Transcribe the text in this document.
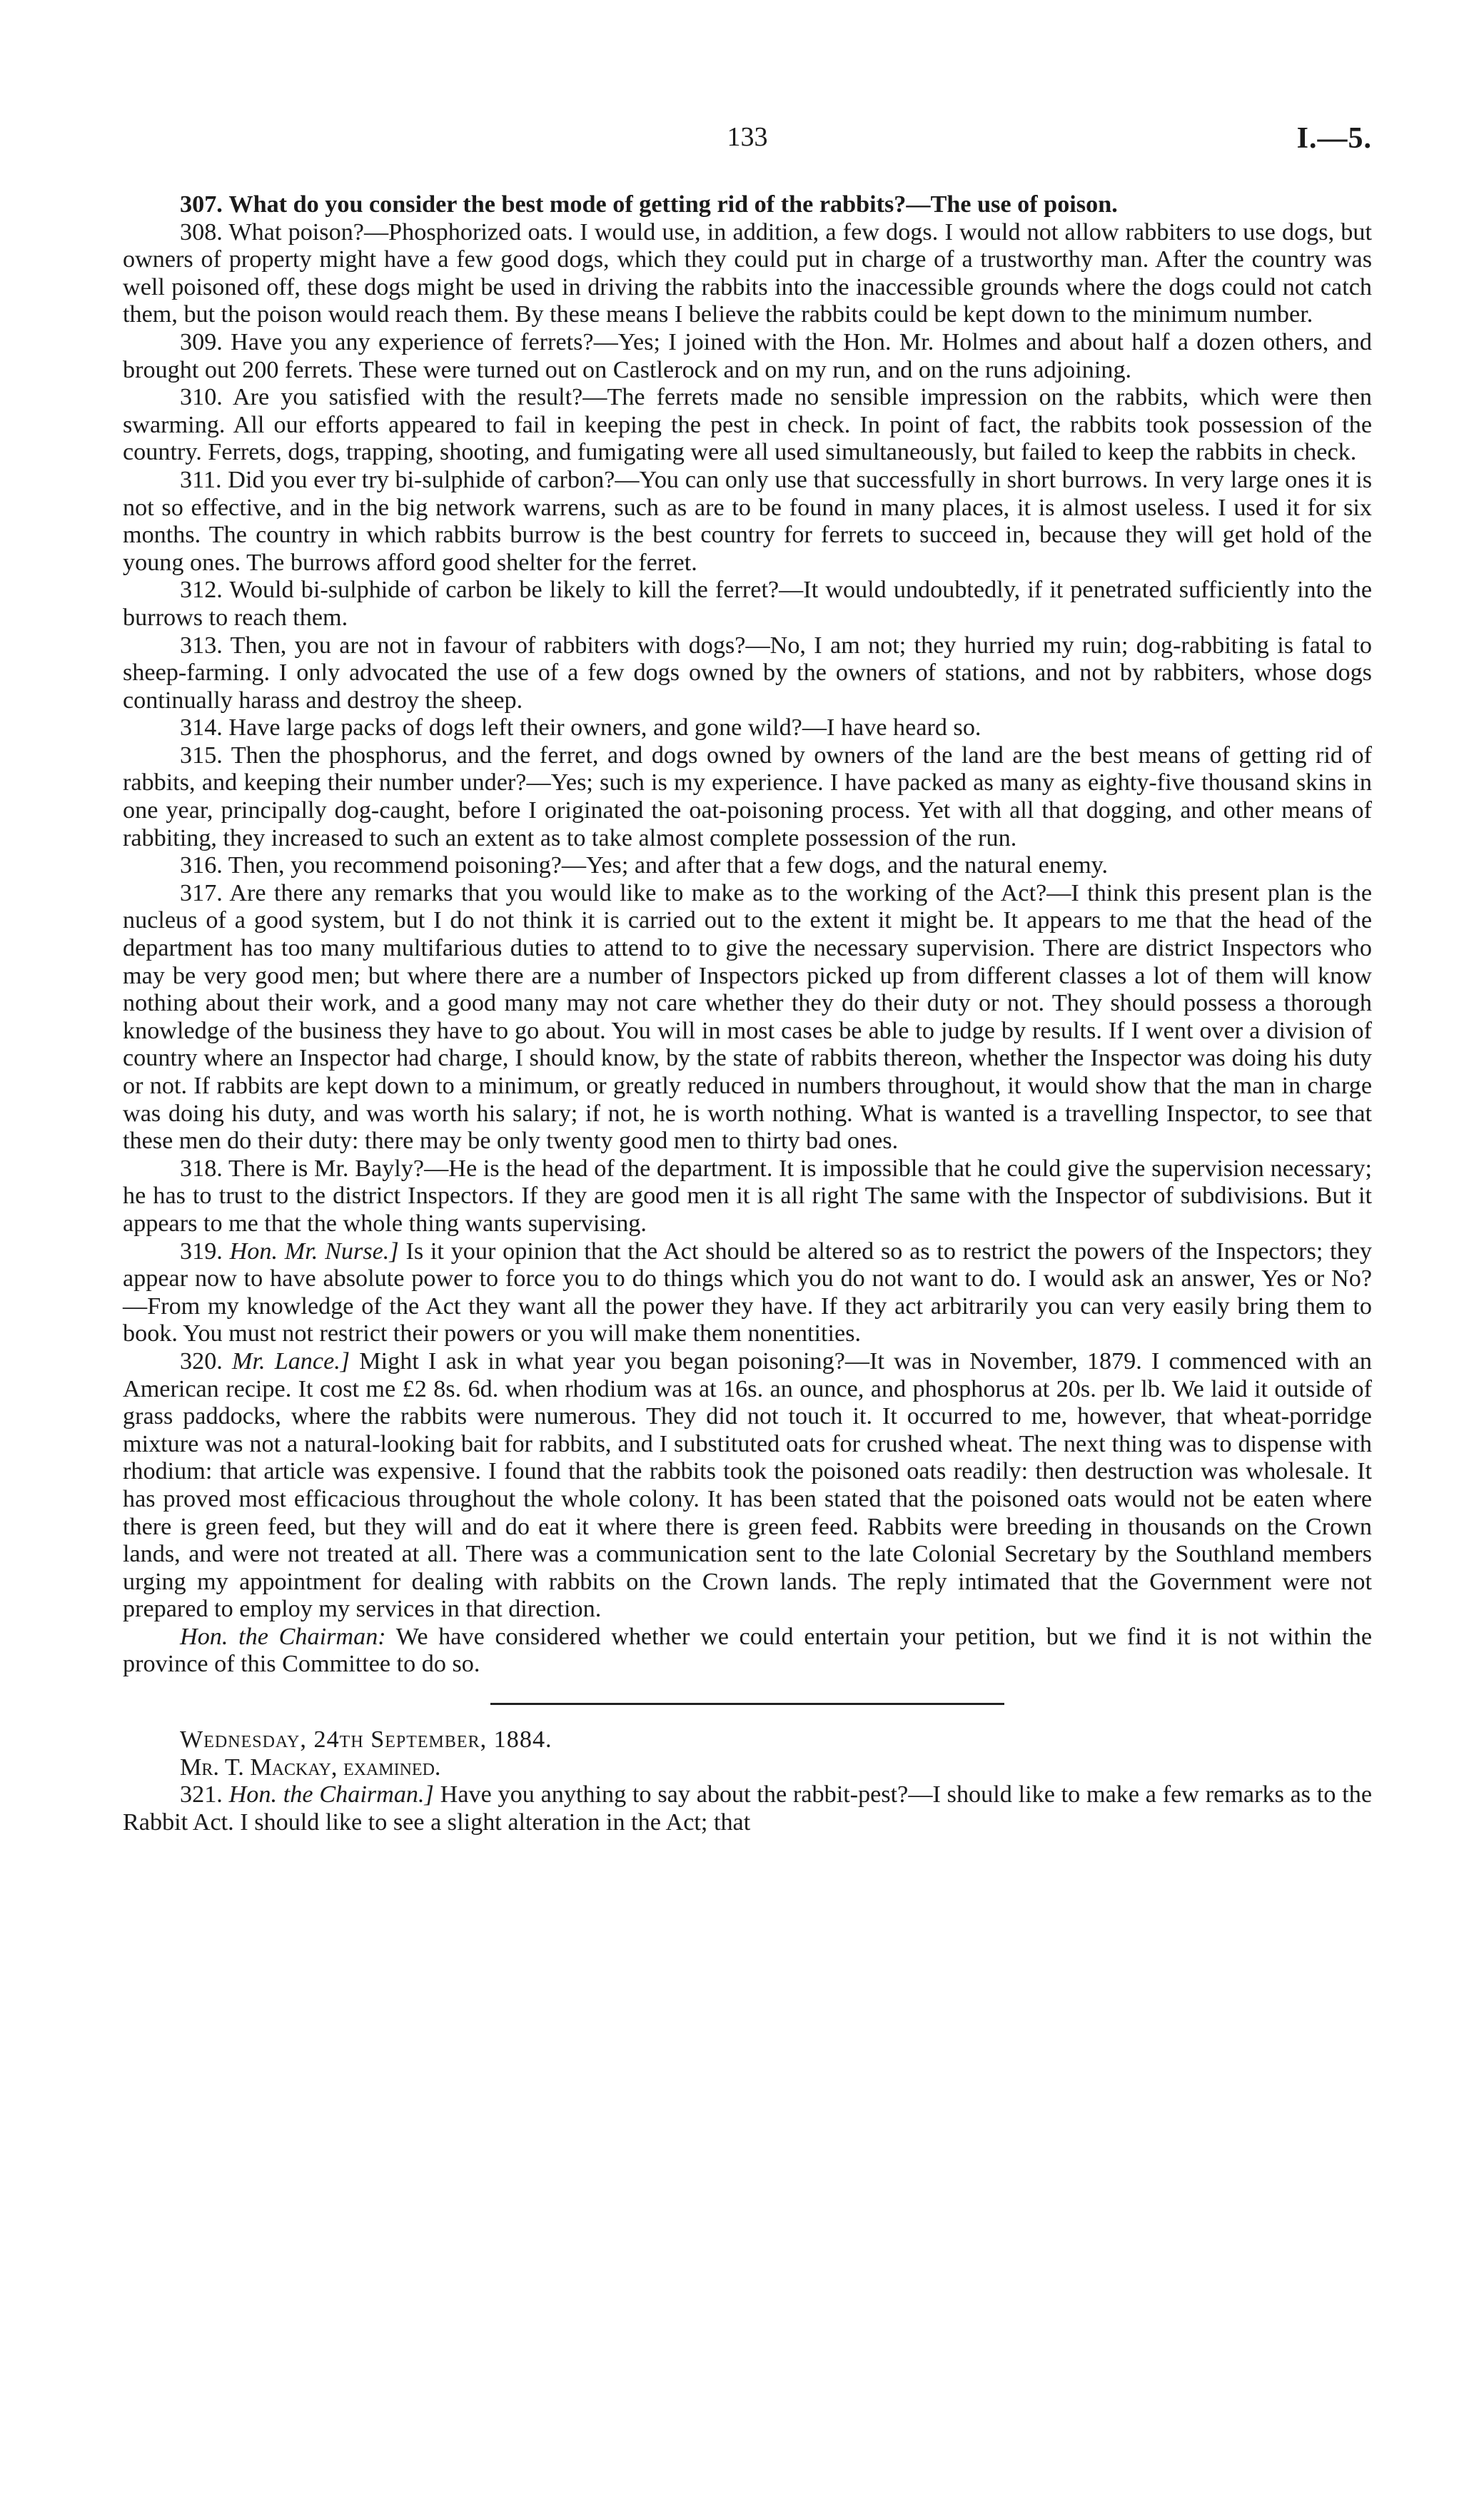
133	I.—5.

307. What do you consider the best mode of getting rid of the rabbits?—The use of poison.

308. What poison?—Phosphorized oats. I would use, in addition, a few dogs. I would not allow rabbiters to use dogs, but owners of property might have a few good dogs, which they could put in charge of a trustworthy man. After the country was well poisoned off, these dogs might be used in driving the rabbits into the inaccessible grounds where the dogs could not catch them, but the poison would reach them. By these means I believe the rabbits could be kept down to the minimum number.

309. Have you any experience of ferrets?—Yes; I joined with the Hon. Mr. Holmes and about half a dozen others, and brought out 200 ferrets. These were turned out on Castlerock and on my run, and on the runs adjoining.

310. Are you satisfied with the result?—The ferrets made no sensible impression on the rabbits, which were then swarming. All our efforts appeared to fail in keeping the pest in check. In point of fact, the rabbits took possession of the country. Ferrets, dogs, trapping, shooting, and fumigating were all used simultaneously, but failed to keep the rabbits in check.

311. Did you ever try bi-sulphide of carbon?—You can only use that successfully in short burrows. In very large ones it is not so effective, and in the big network warrens, such as are to be found in many places, it is almost useless. I used it for six months. The country in which rabbits burrow is the best country for ferrets to succeed in, because they will get hold of the young ones. The burrows afford good shelter for the ferret.

312. Would bi-sulphide of carbon be likely to kill the ferret?—It would undoubtedly, if it penetrated sufficiently into the burrows to reach them.

313. Then, you are not in favour of rabbiters with dogs?—No, I am not; they hurried my ruin; dog-rabbiting is fatal to sheep-farming. I only advocated the use of a few dogs owned by the owners of stations, and not by rabbiters, whose dogs continually harass and destroy the sheep.

314. Have large packs of dogs left their owners, and gone wild?—I have heard so.

315. Then the phosphorus, and the ferret, and dogs owned by owners of the land are the best means of getting rid of rabbits, and keeping their number under?—Yes; such is my experience. I have packed as many as eighty-five thousand skins in one year, principally dog-caught, before I originated the oat-poisoning process. Yet with all that dogging, and other means of rabbiting, they increased to such an extent as to take almost complete possession of the run.

316. Then, you recommend poisoning?—Yes; and after that a few dogs, and the natural enemy.

317. Are there any remarks that you would like to make as to the working of the Act?—I think this present plan is the nucleus of a good system, but I do not think it is carried out to the extent it might be. It appears to me that the head of the department has too many multifarious duties to attend to to give the necessary supervision. There are district Inspectors who may be very good men; but where there are a number of Inspectors picked up from different classes a lot of them will know nothing about their work, and a good many may not care whether they do their duty or not. They should possess a thorough knowledge of the business they have to go about. You will in most cases be able to judge by results. If I went over a division of country where an Inspector had charge, I should know, by the state of rabbits thereon, whether the Inspector was doing his duty or not. If rabbits are kept down to a minimum, or greatly reduced in numbers throughout, it would show that the man in charge was doing his duty, and was worth his salary; if not, he is worth nothing. What is wanted is a travelling Inspector, to see that these men do their duty: there may be only twenty good men to thirty bad ones.

318. There is Mr. Bayly?—He is the head of the department. It is impossible that he could give the supervision necessary; he has to trust to the district Inspectors. If they are good men it is all right The same with the Inspector of subdivisions. But it appears to me that the whole thing wants supervising.

319. Hon. Mr. Nurse.] Is it your opinion that the Act should be altered so as to restrict the powers of the Inspectors; they appear now to have absolute power to force you to do things which you do not want to do. I would ask an answer, Yes or No?—From my knowledge of the Act they want all the power they have. If they act arbitrarily you can very easily bring them to book. You must not restrict their powers or you will make them nonentities.

320. Mr. Lance.] Might I ask in what year you began poisoning?—It was in November, 1879. I commenced with an American recipe. It cost me £2 8s. 6d. when rhodium was at 16s. an ounce, and phosphorus at 20s. per lb. We laid it outside of grass paddocks, where the rabbits were numerous. They did not touch it. It occurred to me, however, that wheat-porridge mixture was not a natural-looking bait for rabbits, and I substituted oats for crushed wheat. The next thing was to dispense with rhodium: that article was expensive. I found that the rabbits took the poisoned oats readily: then destruction was wholesale. It has proved most efficacious throughout the whole colony. It has been stated that the poisoned oats would not be eaten where there is green feed, but they will and do eat it where there is green feed. Rabbits were breeding in thousands on the Crown lands, and were not treated at all. There was a communication sent to the late Colonial Secretary by the Southland members urging my appointment for dealing with rabbits on the Crown lands. The reply intimated that the Government were not prepared to employ my services in that direction.

Hon. the Chairman: We have considered whether we could entertain your petition, but we find it is not within the province of this Committee to do so.

Wednesday, 24th September, 1884.

Mr. T. Mackay, examined.

321. Hon. the Chairman.] Have you anything to say about the rabbit-pest?—I should like to make a few remarks as to the Rabbit Act. I should like to see a slight alteration in the Act; that
